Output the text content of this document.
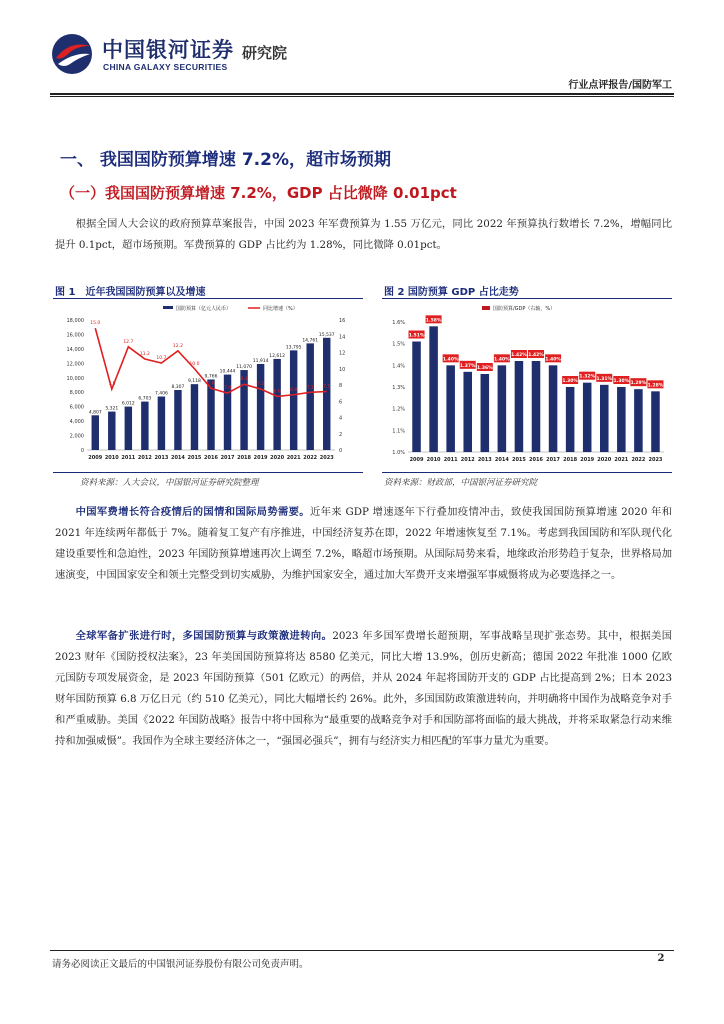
中国银河证券
CHINA GALAXY SECURITIES
研究院
行业点评报告/国防军工
一、 我国国防预算增速 7.2%，超市场预期
（一）我国国防预算增速 7.2%，GDP 占比微降 0.01pct
根据全国人大会议的政府预算草案报告，中国 2023 年军费预算为 1.55 万亿元，同比 2022 年预算执行数增长 7.2%，增幅同比提升 0.1pct，超市场预期。军费预算的 GDP 占比约为 1.28%，同比微降 0.01pct。
图 1　近年我国国防预算以及增速
国防预算（亿元人民币）	同比增速（%）
0
2,000
4,000
6,000
8,000
10,000
12,000
14,000
16,000
18,000
0
2
4
6
8
10
12
14
16
4,807
2009
5,321
2010
6,012
2011
6,703
2012
7,406
2013
8,307
2014
9,118
2015
9,766
2016
10,444
2017
11,070
2018
11,914
2019
12,612
2020
13,795
2021
14,761
2022
15,537
2023
15.0
7.5
12.7
11.2
10.7
12.2
10.0
7.6
7.0
8.1
7.5
6.6 6.8 7.1 7.2
资料来源：人大会议，中国银河证券研究院整理
图 2 国防预算 GDP 占比走势
国防预算/GDP（右轴，%）
1.6%
1.5%
1.4%
1.3%
1.2%
1.1%
1.0%
1.51%
2009
1.58%
2010
1.40%
2011
1.37%
2012
1.36%
2013
1.40%
2014
1.42%
2015
1.42%
2016
1.40%
2017
1.30%
2018
1.32%
2019
1.31%
2020
1.30%
2021
1.29%
2022
1.28%
2023
资料来源：财政部，中国银河证券研究院
中国军费增长符合疫情后的国情和国际局势需要。近年来 GDP 增速逐年下行叠加疫情冲击，致使我国国防预算增速 2020 年和 2021 年连续两年都低于 7%。随着复工复产有序推进，中国经济复苏在即，2022 年增速恢复至 7.1%。考虑到我国国防和军队现代化建设重要性和急迫性，2023 年国防预算增速再次上调至 7.2%，略超市场预期。从国际局势来看，地缘政治形势趋于复杂，世界格局加速演变，中国国家安全和领土完整受到切实威胁，为维护国家安全，通过加大军费开支来增强军事威慑将成为必要选择之一。
全球军备扩张进行时，多国国防预算与政策激进转向。2023 年多国军费增长超预期，军事战略呈现扩张态势。其中，根据美国 2023 财年《国防授权法案》，23 年美国国防预算将达 8580 亿美元，同比大增 13.9%，创历史新高；德国 2022 年批准 1000 亿欧元国防专项发展资金，是 2023 年国防预算（501 亿欧元）的两倍，并从 2024 年起将国防开支的 GDP 占比提高到 2%；日本 2023 财年国防预算 6.8 万亿日元（约 510 亿美元），同比大幅增长约 26%。此外，多国国防政策激进转向，并明确将中国作为战略竞争对手和严重威胁。美国《2022 年国防战略》报告中将中国称为“最重要的战略竞争对手和国防部将面临的最大挑战，并将采取紧急行动来维持和加强威慑”。我国作为全球主要经济体之一，“强国必强兵”，拥有与经济实力相匹配的军事力量尤为重要。
请务必阅读正文最后的中国银河证券股份有限公司免责声明。
2
